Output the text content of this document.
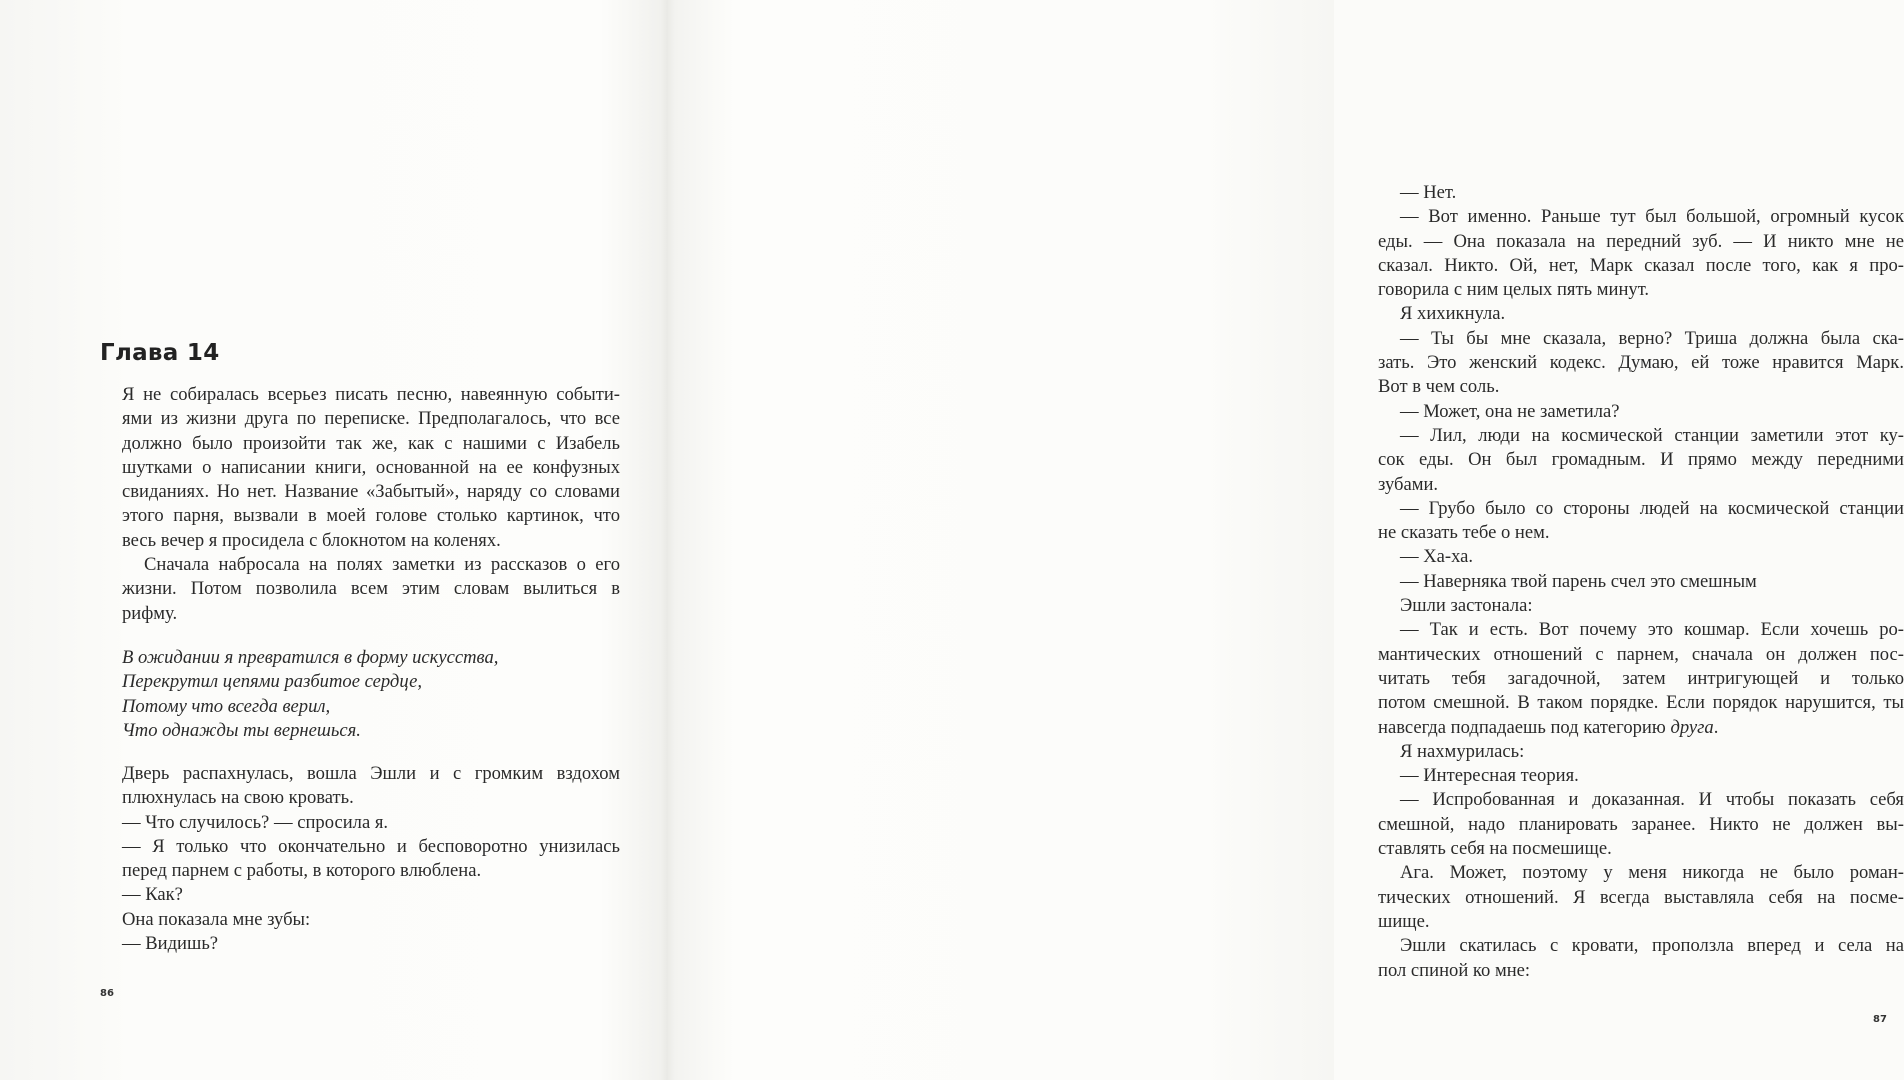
Глава 14
Я не собиралась всерьез писать песню, навеянную событи-
ями из жизни друга по переписке. Предполагалось, что все
должно было произойти так же, как с нашими с Изабель
шутками о написании книги, основанной на ее конфузных
свиданиях. Но нет. Название «Забытый», наряду со словами
этого парня, вызвали в моей голове столько картинок, что
весь вечер я просидела с блокнотом на коленях.
Сначала набросала на полях заметки из рассказов о его
жизни. Потом позволила всем этим словам вылиться в
рифму.
В ожидании я превратился в форму искусства,
Перекрутил цепями разбитое сердце,
Потому что всегда верил,
Что однажды ты вернешься.
Дверь распахнулась, вошла Эшли и с громким вздохом
плюхнулась на свою кровать.
— Что случилось? — спросила я.
— Я только что окончательно и бесповоротно унизилась
перед парнем с работы, в которого влюблена.
— Как?
Она показала мне зубы:
— Видишь?
86
— Нет.
— Вот именно. Раньше тут был большой, огромный кусок
еды. — Она показала на передний зуб. — И никто мне не
сказал. Никто. Ой, нет, Марк сказал после того, как я про-
говорила с ним целых пять минут.
Я хихикнула.
— Ты бы мне сказала, верно? Триша должна была ска-
зать. Это женский кодекс. Думаю, ей тоже нравится Марк.
Вот в чем соль.
— Может, она не заметила?
— Лил, люди на космической станции заметили этот ку-
сок еды. Он был громадным. И прямо между передними
зубами.
— Грубо было со стороны людей на космической станции
не сказать тебе о нем.
— Ха-ха.
— Наверняка твой парень счел это смешным
Эшли застонала:
— Так и есть. Вот почему это кошмар. Если хочешь ро-
мантических отношений с парнем, сначала он должен пос-
читать тебя загадочной, затем интригующей и только
потом смешной. В таком порядке. Если порядок нарушится, ты
навсегда подпадаешь под категорию друга.
Я нахмурилась:
— Интересная теория.
— Испробованная и доказанная. И чтобы показать себя
смешной, надо планировать заранее. Никто не должен вы-
ставлять себя на посмешище.
Ага. Может, поэтому у меня никогда не было роман-
тических отношений. Я всегда выставляла себя на посме-
шище.
Эшли скатилась с кровати, проползла вперед и села на
пол спиной ко мне:
87
